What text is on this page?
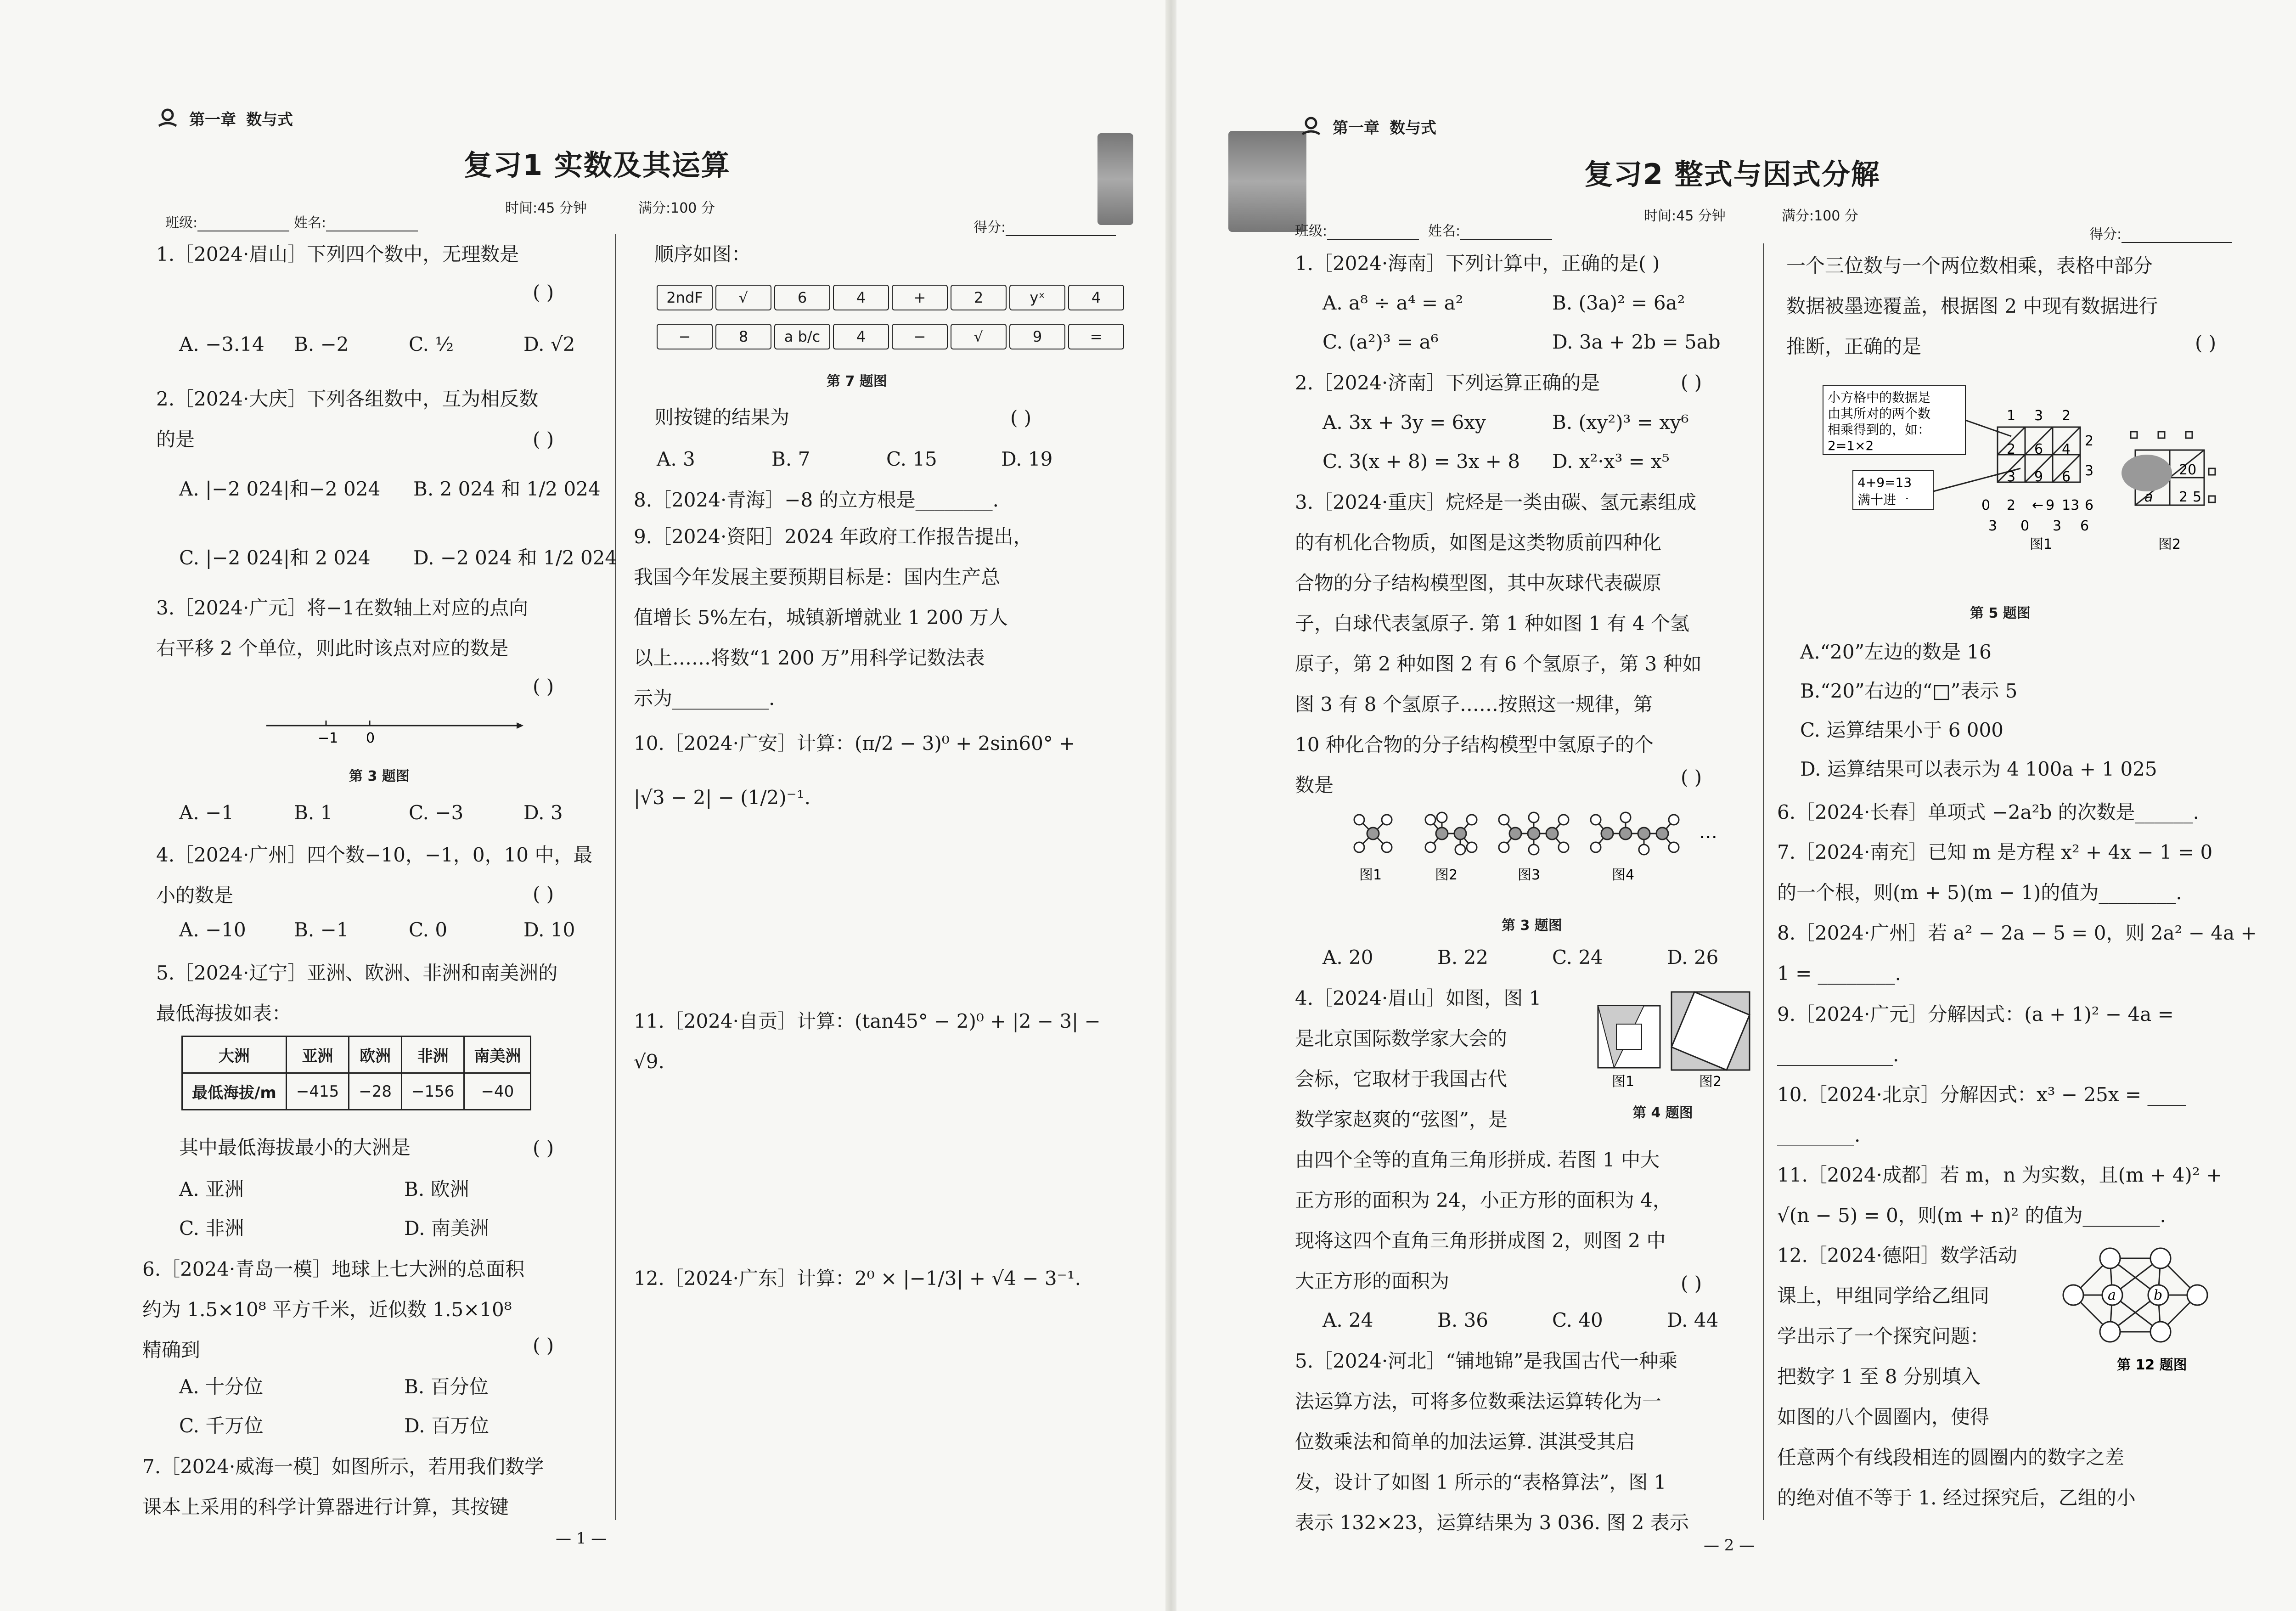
第一章 数与式
复习1 实数及其运算
时间:45 分钟	满分:100 分
班级:	姓名:	得分:
1.［2024·眉山］下列四个数中，无理数是
( )
A. −3.14 B. −2	C. ½	D. √2
2.［2024·大庆］下列各组数中，互为相反数
的是	( )
A. |−2 024|和−2 024 B. 2 024 和 1/2 024
C. |−2 024|和 2 024 D. −2 024 和 1/2 024
3.［2024·广元］将−1在数轴上对应的点向
右平移 2 个单位，则此时该点对应的数是
( )
−1 0
第 3 题图
A. −1	B. 1	C. −3	D. 3
4.［2024·广州］四个数−10，−1，0，10 中，最
小的数是	( )
A. −10 B. −1	C. 0	D. 10
5.［2024·辽宁］亚洲、欧洲、非洲和南美洲的
最低海拔如表：
大洲	亚洲	欧洲	非洲	南美洲
最低海拔/m	−415	−28	−156	−40
其中最低海拔最小的大洲是	( )
A. 亚洲	B. 欧洲
C. 非洲	D. 南美洲
6.［2024·青岛一模］地球上七大洲的总面积
约为 1.5×10⁸ 平方千米，近似数 1.5×10⁸
精确到	( )
A. 十分位	B. 百分位
C. 千万位	D. 百万位
7.［2024·威海一模］如图所示，若用我们数学
课本上采用的科学计算器进行计算，其按键
顺序如图：
2ndF √	6	4	+	2	yˣ	4
−	8 a b/c 4	−	√	9	=
第 7 题图
则按键的结果为	( )
A. 3	B. 7	C. 15	D. 19
8.［2024·青海］−8 的立方根是________.
9.［2024·资阳］2024 年政府工作报告提出，
我国今年发展主要预期目标是：国内生产总
值增长 5%左右，城镇新增就业 1 200 万人
以上……将数“1 200 万”用科学记数法表
示为__________.
10.［2024·广安］计算：(π/2 − 3)⁰ + 2sin60° +
|√3 − 2| − (1/2)⁻¹.
11.［2024·自贡］计算：(tan45° − 2)⁰ + |2 − 3| −
√9.
12.［2024·广东］计算：2⁰ × |−1/3| + √4 − 3⁻¹.
— 1 —
第一章 数与式
复习2 整式与因式分解
时间:45 分钟	满分:100 分
班级:	姓名:	得分:
1.［2024·海南］下列计算中，正确的是( )
A. a⁸ ÷ a⁴ = a²	B. (3a)² = 6a²
C. (a²)³ = a⁶	D. 3a + 2b = 5ab
2.［2024·济南］下列运算正确的是	( )
A. 3x + 3y = 6xy	B. (xy²)³ = xy⁶
C. 3(x + 8) = 3x + 8 D. x²·x³ = x⁵
3.［2024·重庆］烷烃是一类由碳、氢元素组成
的有机化合物质，如图是这类物质前四种化
合物的分子结构模型图，其中灰球代表碳原
子，白球代表氢原子. 第 1 种如图 1 有 4 个氢
原子，第 2 种如图 2 有 6 个氢原子，第 3 种如
图 3 有 8 个氢原子……按照这一规律，第
10 种化合物的分子结构模型中氢原子的个
数是	( )
图1	图2	图3	图4
…
第 3 题图
A. 20	B. 22	C. 24	D. 26
4.［2024·眉山］如图，图 1
是北京国际数学家大会的
会标，它取材于我国古代
数学家赵爽的“弦图”，是
由四个全等的直角三角形拼成. 若图 1 中大
正方形的面积为 24，小正方形的面积为 4，
现将这四个直角三角形拼成图 2，则图 2 中
大正方形的面积为
图1	图2
第 4 题图
( )
A. 24	B. 36	C. 40	D. 44
5.［2024·河北］“铺地锦”是我国古代一种乘
法运算方法，可将多位数乘法运算转化为一
位数乘法和简单的加法运算. 淇淇受其启
发，设计了如图 1 所示的“表格算法”，图 1
表示 132×23，运算结果为 3 036. 图 2 表示
一个三位数与一个两位数相乘，表格中部分
数据被墨迹覆盖，根据图 2 中现有数据进行
推断，正确的是	( )
小方格中的数据是由其所对的两个数相乘得到的，如： 2=1×2
4+9=13 满十进一
1 3 22 32 6 4 3 9 6 0 2 ← 9 13 6 3 0 3 6
图1
20 a 2 5
图2
第 5 题图
A.“20”左边的数是 16
B.“20”右边的“□”表示 5
C. 运算结果小于 6 000
D. 运算结果可以表示为 4 100a + 1 025
6.［2024·长春］单项式 −2a²b 的次数是______.
7.［2024·南充］已知 m 是方程 x² + 4x − 1 = 0
的一个根，则(m + 5)(m − 1)的值为________.
8.［2024·广州］若 a² − 2a − 5 = 0，则 2a² − 4a +
1 = ________.
9.［2024·广元］分解因式：(a + 1)² − 4a =
____________.
10.［2024·北京］分解因式：x³ − 25x = ____
________.
11.［2024·成都］若 m，n 为实数，且(m + 4)² +
√(n − 5) = 0，则(m + n)² 的值为________.
12.［2024·德阳］数学活动
课上，甲组同学给乙组同
学出示了一个探究问题：
把数字 1 至 8 分别填入
如图的八个圆圈内，使得
任意两个有线段相连的圆圈内的数字之差
的绝对值不等于 1. 经过探究后，乙组的小
a	b
第 12 题图
— 2 —
